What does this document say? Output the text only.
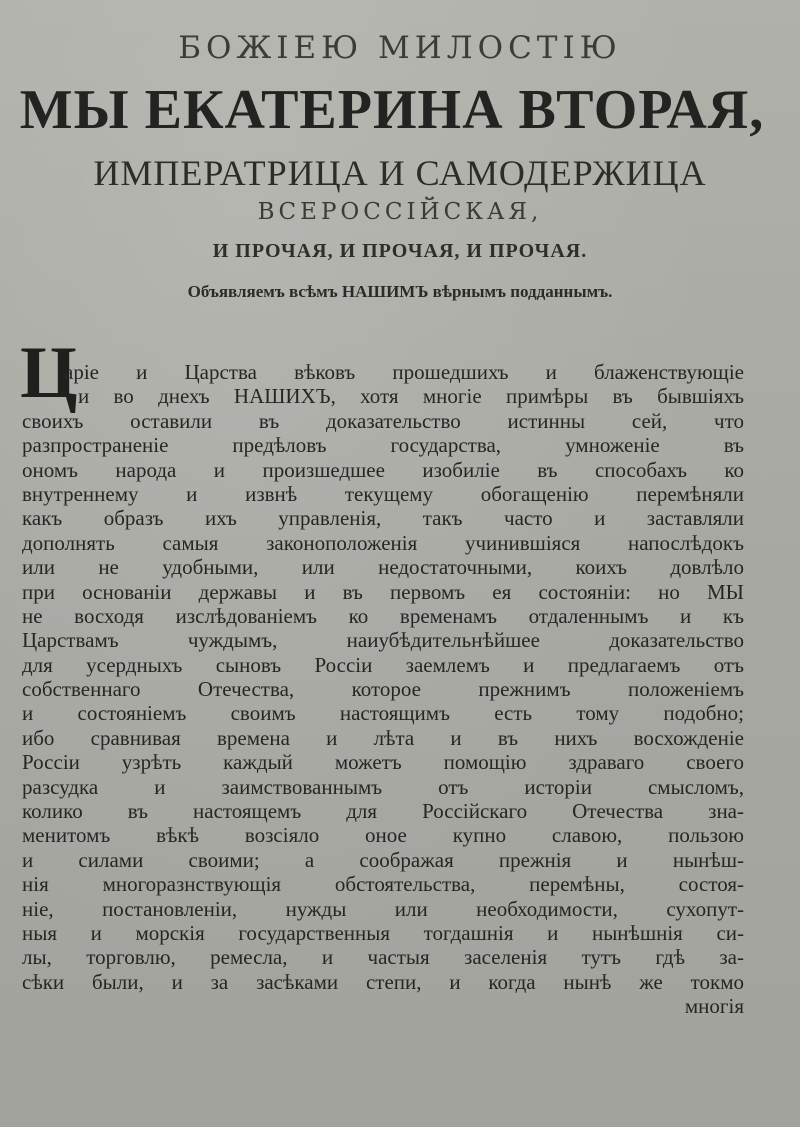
БОЖІЕЮ МИЛОСТІЮ
МЫ ЕКАТЕРИНА ВТОРАЯ,
ИМПЕРАТРИЦА И САМОДЕРЖИЦА
ВСЕРОССІЙСКАЯ,
И ПРОЧАЯ, И ПРОЧАЯ, И ПРОЧАЯ.
Объявляемъ всѣмъ НАШИМЪ вѣрнымъ подданнымъ.
Ц
аріе и Царства вѣковъ прошедшихъ и блаженствующіе
и во днехъ НАШИХЪ, хотя многіе примѣры въ бывшіяхъ
своихъ оставили въ доказательство истинны сей, что
разпространеніе предѣловъ государства, умноженіе въ
ономъ народа и произшедшее изобиліе въ способахъ ко
внутреннему и извнѣ текущему обогащенію перемѣняли
какъ образъ ихъ управленія, такъ часто и заставляли
дополнять самыя законоположенія учинившіяся напослѣдокъ
или не удобными, или недостаточными, коихъ довлѣло
при основаніи державы и въ первомъ ея состояніи: но МЫ
не восходя изслѣдованіемъ ко временамъ отдаленнымъ и къ
Царствамъ чуждымъ, наиубѣдительнѣйшее доказательство
для усердныхъ сыновъ Россіи заемлемъ и предлагаемъ отъ
собственнаго Отечества, которое прежнимъ положеніемъ
и состояніемъ своимъ настоящимъ есть тому подобно;
ибо сравнивая времена и лѣта и въ нихъ восхожденіе
Россіи узрѣть каждый можетъ помощію здраваго своего
разсудка и заимствованнымъ отъ исторіи смысломъ,
колико въ настоящемъ для Россійскаго Отечества зна-
менитомъ вѣкѣ возсіяло оное купно славою, пользою
и силами своими; а соображая прежнія и нынѣш-
нія многоразнствующія обстоятельства, перемѣны, состоя-
ніе, постановленіи, нужды или необходимости, сухопут-
ныя и морскія государственныя тогдашнія и нынѣшнія си-
лы, торговлю, ремесла, и частыя заселенія тутъ гдѣ за-
сѣки были, и за засѣками степи, и когда нынѣ же токмо
многія
